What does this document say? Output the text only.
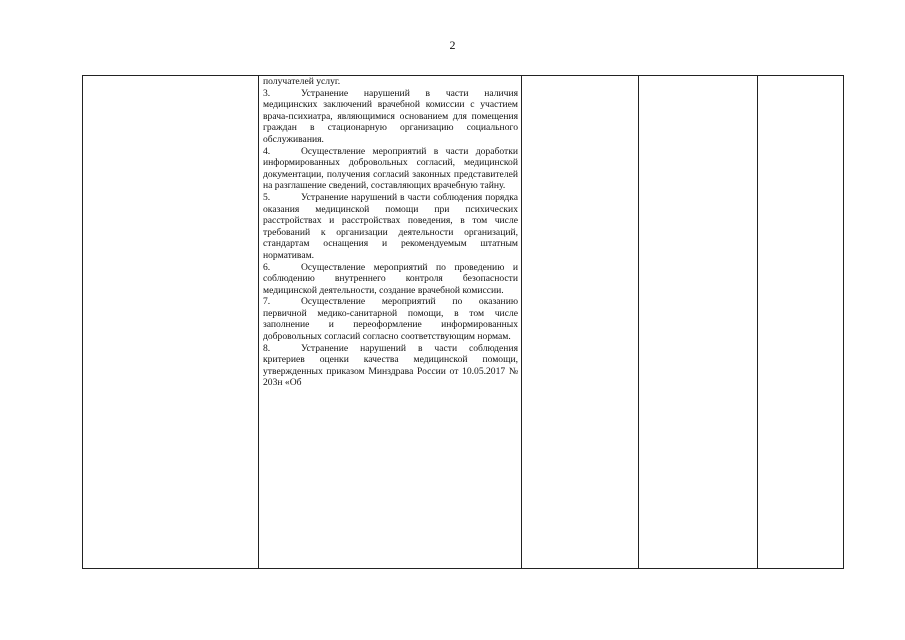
2

получателей услуг.
3.	Устранение нарушений в части наличия медицинских заключений врачебной комиссии с участием врача-психиатра, являющимися основанием для помещения граждан в стационарную организацию социального обслуживания.
4.	Осуществление мероприятий в части доработки информированных добровольных согласий, медицинской документации, получения согласий законных представителей на разглашение сведений, составляющих врачебную тайну.
5.	Устранение нарушений в части соблюдения порядка оказания медицинской помощи при психических расстройствах и расстройствах поведения, в том числе требований к организации деятельности организаций, стандартам оснащения и рекомендуемым штатным нормативам.
6.	Осуществление мероприятий по проведению и соблюдению внутреннего контроля безопасности медицинской деятельности, создание врачебной комиссии.
7.	Осуществление мероприятий по оказанию первичной медико-санитарной помощи, в том числе заполнение и переоформление информированных добровольных согласий согласно соответствующим нормам.
8.	Устранение нарушений в части соблюдения критериев оценки качества медицинской помощи, утвержденных приказом Минздрава России от 10.05.2017 № 203н «Об
